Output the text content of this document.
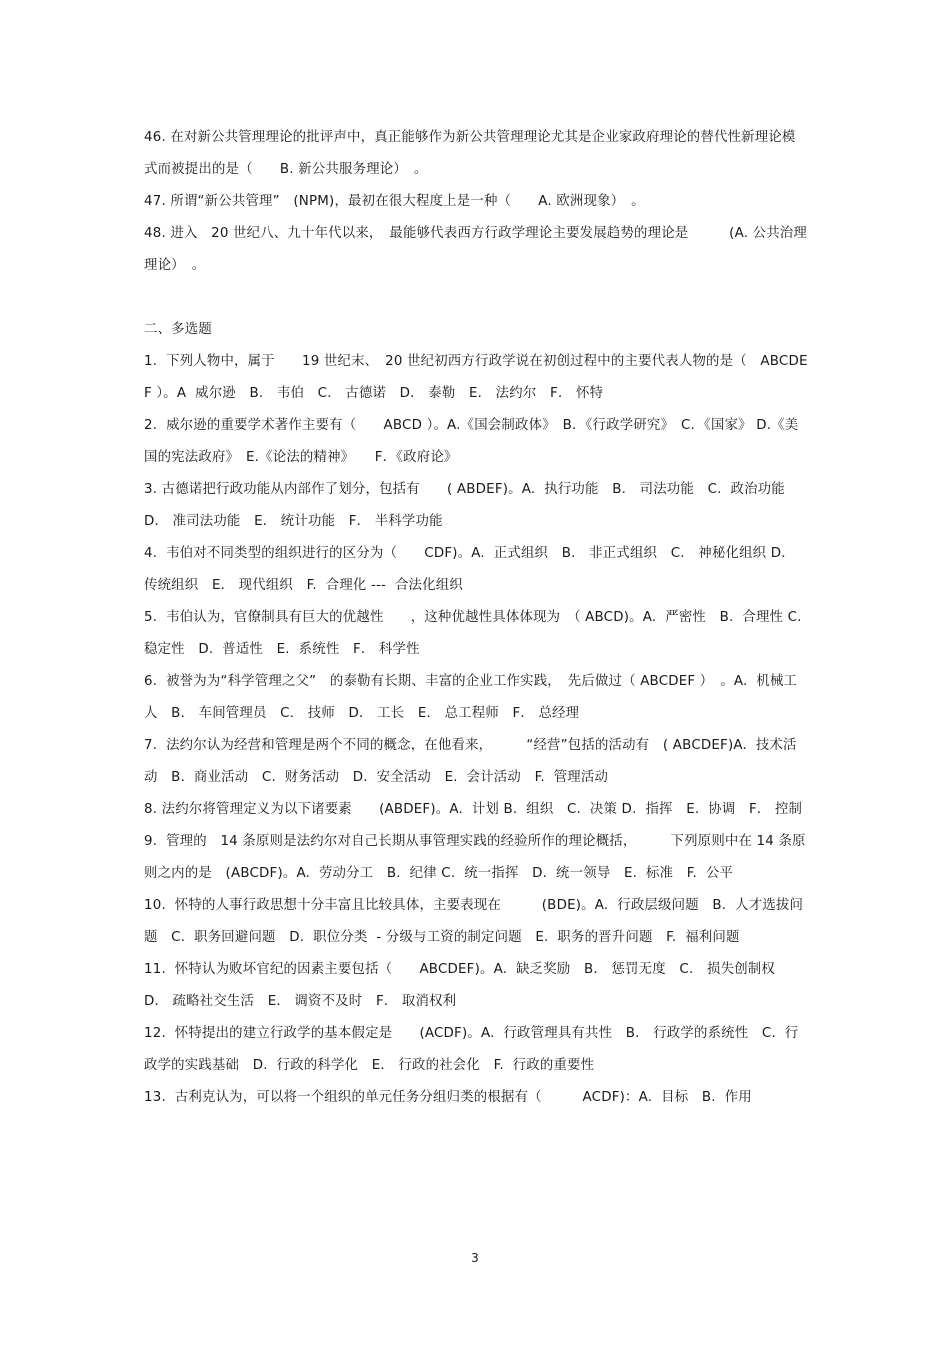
46. 在对新公共管理理论的批评声中，真正能够作为新公共管理理论尤其是企业家政府理论的替代性新理论模式而被提出的是（　　B. 新公共服务理论）　。

47. 所谓“新公共管理”　(NPM)，最初在很大程度上是一种（　　A. 欧洲现象）　。

48. 进入　20 世纪八、九十年代以来，　最能够代表西方行政学理论主要发展趋势的理论是　　　(A. 公共治理理论）　。

二、多选题

1.  下列人物中，属于　　19 世纪末、　20 世纪初西方行政学说在初创过程中的主要代表人物的是（　ABCDEF ）。A  威尔逊　B． 韦伯　C． 古德诺　D． 泰勒　E． 法约尔　F． 怀特

2.  威尔逊的重要学术著作主要有（　　ABCD ）。A.《国会制政体》　B．《行政学研究》　C．《国家》 D.《美国的宪法政府》　E.《论法的精神》　　F．《政府论》

3. 古德诺把行政功能从内部作了划分，包括有　　( ABDEF)。A.  执行功能　B． 司法功能　C.  政治功能　D． 准司法功能　E． 统计功能　F． 半科学功能

4.  韦伯对不同类型的组织进行的区分为（　　CDF)。A.  正式组织　B． 非正式组织　C． 神秘化组织 D． 传统组织　E． 现代组织　F.  合理化 ---  合法化组织

5.  韦伯认为，官僚制具有巨大的优越性　　，这种优越性具体体现为　（ ABCD)。A.  严密性　B.  合理性 C.  稳定性　D.  普适性　E.  系统性　F． 科学性

6.  被誉为为“科学管理之父”　的泰勒有长期、丰富的企业工作实践，　先后做过（ ABCDEF ）　。A.  机械工人　B． 车间管理员　C． 技师　D． 工长　E． 总工程师　F． 总经理

7.  法约尔认为经营和管理是两个不同的概念，在他看来，　　　“经营”包括的活动有　( ABCDEF)A.  技术活动　B.  商业活动　C.  财务活动　D.  安全活动　E.  会计活动　F.  管理活动

8. 法约尔将管理定义为以下诸要素　　(ABDEF)。A.  计划 B.  组织　C.  决策 D.  指挥　E.  协调　F． 控制

9.  管理的　14 条原则是法约尔对自己长期从事管理实践的经验所作的理论概括，　　　下列原则中在 14 条原则之内的是　(ABCDF)。A.  劳动分工　B.  纪律 C.  统一指挥　D.  统一领导　E.  标准　F.  公平

10.  怀特的人事行政思想十分丰富且比较具体，主要表现在　　　(BDE)。A.  行政层级问题　B.  人才选拔问题　C.  职务回避问题　D.  职位分类  - 分级与工资的制定问题　E.  职务的晋升问题　F.  福利问题

11.  怀特认为败坏官纪的因素主要包括（　　ABCDEF)。A.  缺乏奖励　B． 惩罚无度　C． 损失创制权　D． 疏略社交生活　E． 调资不及时　F． 取消权利

12.  怀特提出的建立行政学的基本假定是　　(ACDF)。A.  行政管理具有共性　B． 行政学的系统性　C.  行政学的实践基础　D.  行政的科学化　E． 行政的社会化　F.  行政的重要性

13.  古利克认为，可以将一个组织的单元任务分组归类的根据有（　　　ACDF)：A.  目标　B.  作用

3
